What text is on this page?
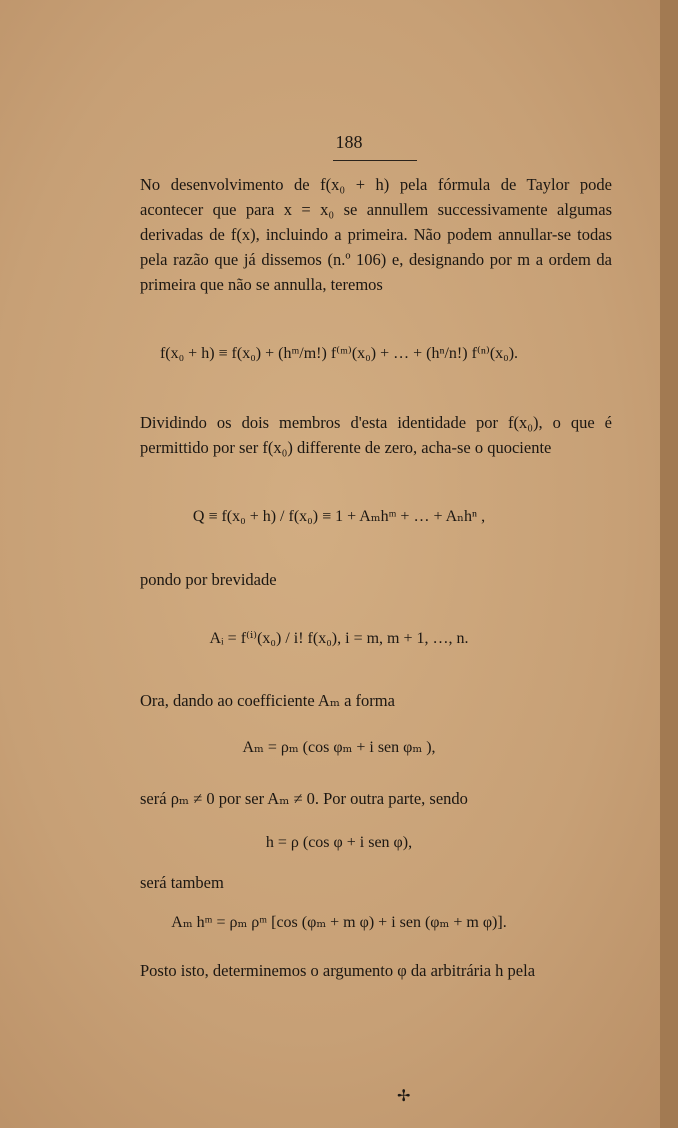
188

No desenvolvimento de f(x₀ + h) pela fórmula de Taylor pode acontecer que para x = x₀ se annullem successivamente algumas derivadas de f(x), incluindo a primeira. Não podem annullar-se todas pela razão que já dissemos (n.º 106) e, designando por m a ordem da primeira que não se annulla, teremos

f(x₀ + h) ≡ f(x₀) + (hᵐ/m!) f⁽ᵐ⁾(x₀) + … + (hⁿ/n!) f⁽ⁿ⁾(x₀).

Dividindo os dois membros d'esta identidade por f(x₀), o que é permittido por ser f(x₀) differente de zero, acha-se o quociente

Q ≡ f(x₀ + h) / f(x₀) ≡ 1 + Aₘhᵐ + … + Aₙhⁿ ,

pondo por brevidade

Aᵢ = f⁽ⁱ⁾(x₀) / i! f(x₀), i = m, m + 1, …, n.

Ora, dando ao coefficiente Aₘ a forma

Aₘ = ρₘ (cos φₘ + i sen φₘ ),

será ρₘ ≠ 0 por ser Aₘ ≠ 0. Por outra parte, sendo

h = ρ (cos φ + i sen φ),

será tambem

Aₘ hᵐ = ρₘ ρᵐ [cos (φₘ + m φ) + i sen (φₘ + m φ)].

Posto isto, determinemos o argumento φ da arbitrária h pela

✢
